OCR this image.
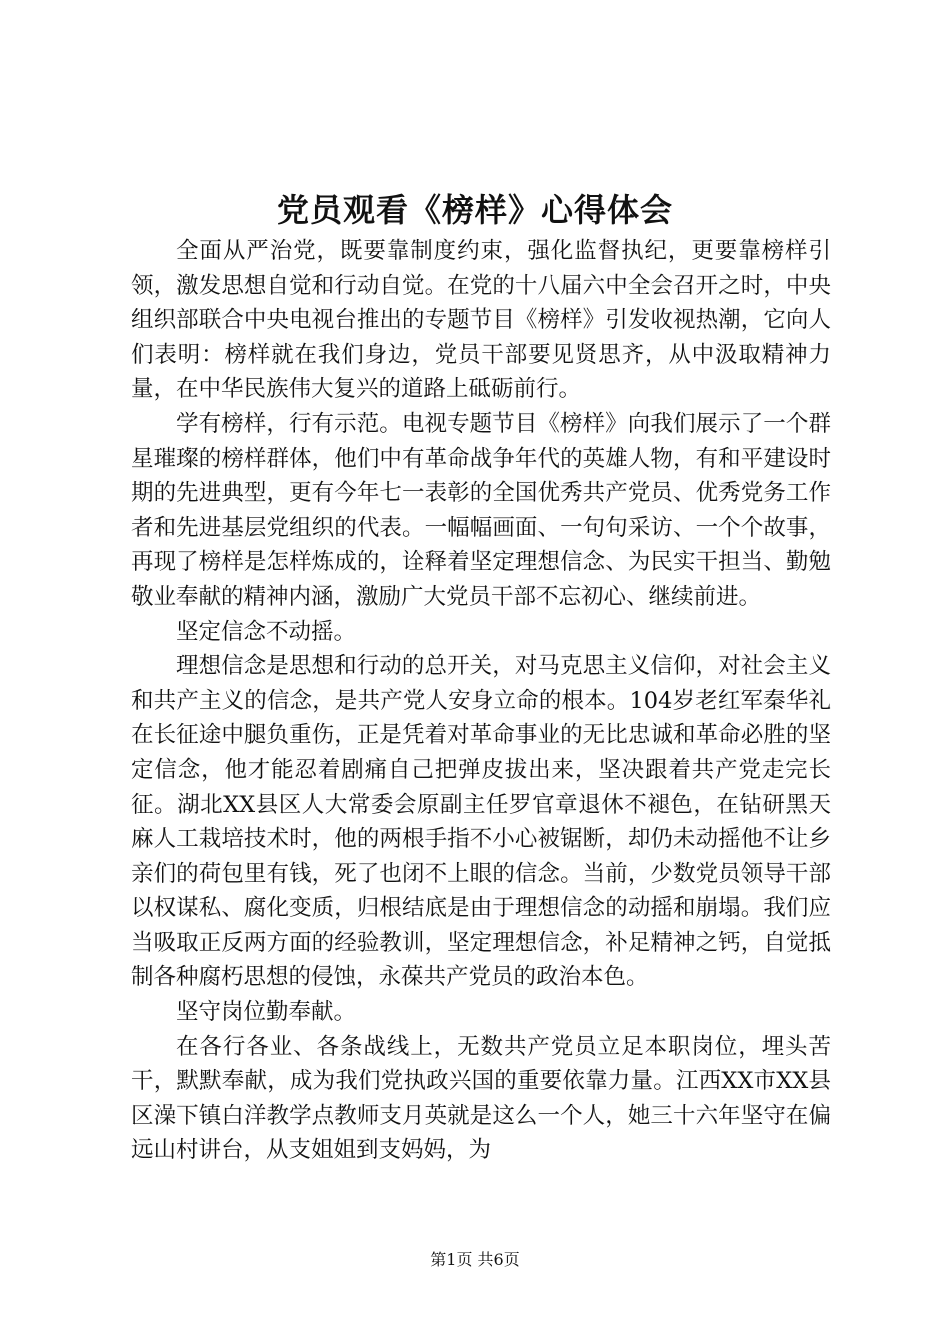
党员观看《榜样》心得体会

全面从严治党，既要靠制度约束，强化监督执纪，更要靠榜样引领，激发思想自觉和行动自觉。在党的十八届六中全会召开之时，中央组织部联合中央电视台推出的专题节目《榜样》引发收视热潮，它向人们表明：榜样就在我们身边，党员干部要见贤思齐，从中汲取精神力量，在中华民族伟大复兴的道路上砥砺前行。

学有榜样，行有示范。电视专题节目《榜样》向我们展示了一个群星璀璨的榜样群体，他们中有革命战争年代的英雄人物，有和平建设时期的先进典型，更有今年七一表彰的全国优秀共产党员、优秀党务工作者和先进基层党组织的代表。一幅幅画面、一句句采访、一个个故事，再现了榜样是怎样炼成的，诠释着坚定理想信念、为民实干担当、勤勉敬业奉献的精神内涵，激励广大党员干部不忘初心、继续前进。

坚定信念不动摇。

理想信念是思想和行动的总开关，对马克思主义信仰，对社会主义和共产主义的信念，是共产党人安身立命的根本。104岁老红军秦华礼在长征途中腿负重伤，正是凭着对革命事业的无比忠诚和革命必胜的坚定信念，他才能忍着剧痛自己把弹皮拔出来，坚决跟着共产党走完长征。湖北XX县区人大常委会原副主任罗官章退休不褪色，在钻研黑天麻人工栽培技术时，他的两根手指不小心被锯断，却仍未动摇他不让乡亲们的荷包里有钱，死了也闭不上眼的信念。当前，少数党员领导干部以权谋私、腐化变质，归根结底是由于理想信念的动摇和崩塌。我们应当吸取正反两方面的经验教训，坚定理想信念，补足精神之钙，自觉抵制各种腐朽思想的侵蚀，永葆共产党员的政治本色。

坚守岗位勤奉献。

在各行各业、各条战线上，无数共产党员立足本职岗位，埋头苦干，默默奉献，成为我们党执政兴国的重要依靠力量。江西XX市XX县区澡下镇白洋教学点教师支月英就是这么一个人，她三十六年坚守在偏远山村讲台，从支姐姐到支妈妈，为

第1页 共6页
